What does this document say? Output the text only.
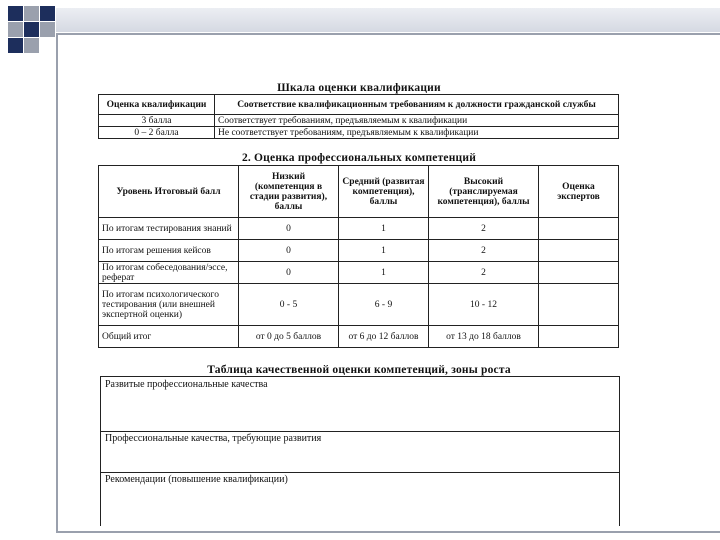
Шкала оценки квалификации
Оценка квалификации	Соответствие квалификационным требованиям к должности гражданской службы
3 балла	Соответствует требованиям, предъявляемым к квалификации
0 – 2 балла	Не соответствует требованиям, предъявляемым к квалификации
2. Оценка профессиональных компетенций
Уровень Итоговый балл	Низкий (компетенция в стадии развития), баллы	Средний (развитая компетенция), баллы	Высокий (транслируемая компетенция), баллы	Оценка экспертов
По итогам тестирования знаний	0	1	2	
По итогам решения кейсов	0	1	2	
По итогам собеседования/эссе, реферат	0	1	2	
По итогам психологического тестирования (или внешней экспертной оценки)	0 - 5	6 - 9	10 - 12	
Общий итог	от 0 до 5 баллов	от 6 до 12 баллов	от 13 до 18 баллов	
Таблица качественной оценки компетенций, зоны роста
Развитые профессиональные качества
Профессиональные качества, требующие развития
Рекомендации (повышение квалификации)
